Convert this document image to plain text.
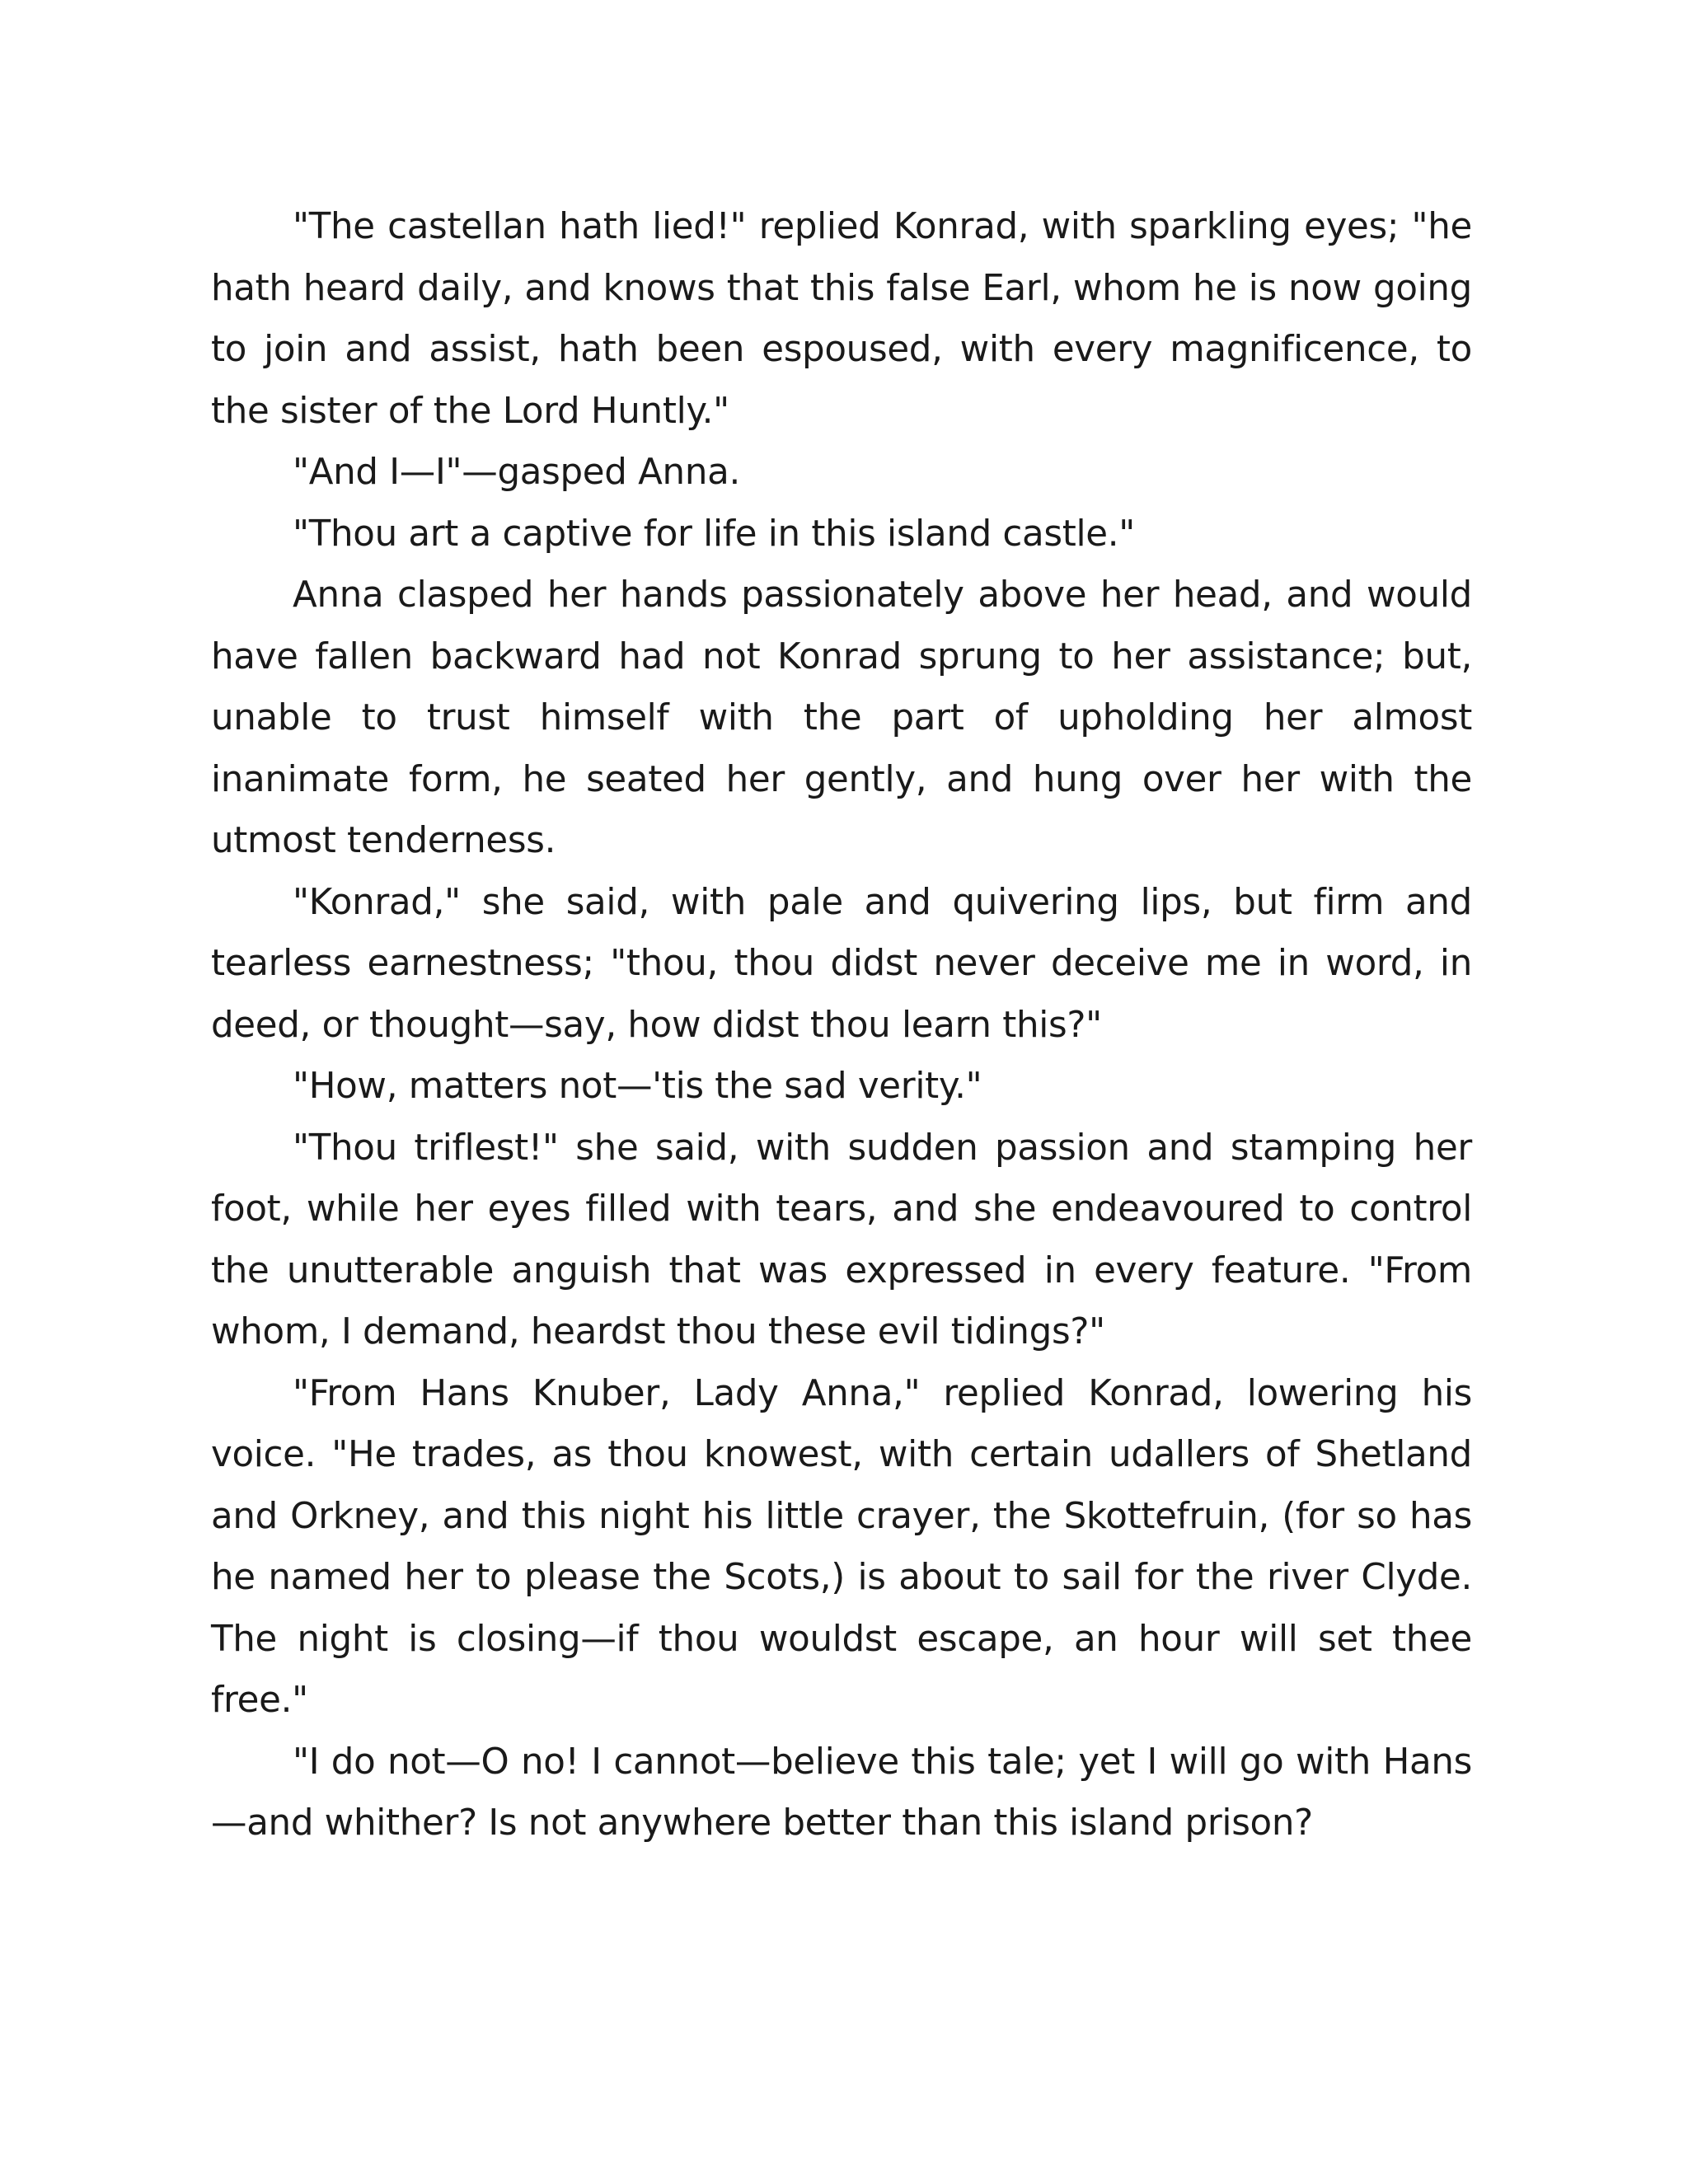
"The castellan hath lied!" replied Konrad, with sparkling eyes; "he hath heard daily, and knows that this false Earl, whom he is now going to join and assist, hath been espoused, with every magnificence, to the sister of the Lord Huntly."

"And I—I"—gasped Anna.

"Thou art a captive for life in this island castle."

Anna clasped her hands passionately above her head, and would have fallen backward had not Konrad sprung to her assistance; but, unable to trust himself with the part of upholding her almost inanimate form, he seated her gently, and hung over her with the utmost tenderness.

"Konrad," she said, with pale and quivering lips, but firm and tearless earnestness; "thou, thou didst never deceive me in word, in deed, or thought—say, how didst thou learn this?"

"How, matters not—'tis the sad verity."

"Thou triflest!" she said, with sudden passion and stamping her foot, while her eyes filled with tears, and she endeavoured to control the unutterable anguish that was expressed in every feature. "From whom, I demand, heardst thou these evil tidings?"

"From Hans Knuber, Lady Anna," replied Konrad, lowering his voice. "He trades, as thou knowest, with certain udallers of Shetland and Orkney, and this night his little crayer, the Skottefruin, (for so has he named her to please the Scots,) is about to sail for the river Clyde. The night is closing—if thou wouldst escape, an hour will set thee free."

"I do not—O no! I cannot—believe this tale; yet I will go with Hans—and whither? Is not anywhere better than this island prison?
